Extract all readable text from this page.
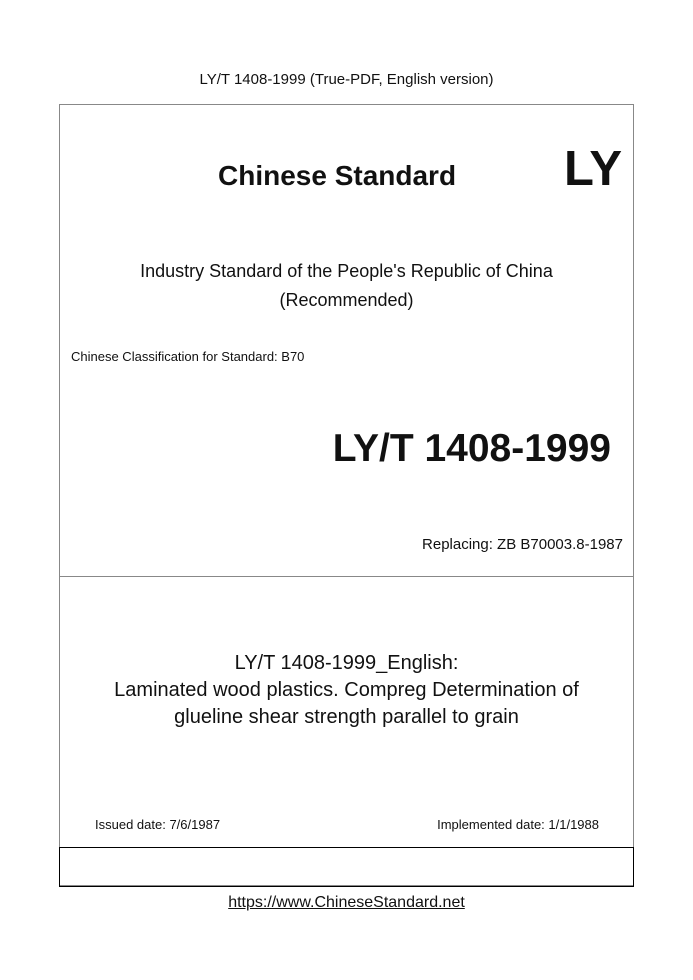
LY/T 1408-1999 (True-PDF, English version)
Chinese Standard LY
Industry Standard of the People's Republic of China
(Recommended)
Chinese Classification for Standard: B70
LY/T 1408-1999
Replacing: ZB B70003.8-1987
LY/T 1408-1999_English:
Laminated wood plastics. Compreg Determination of
glueline shear strength parallel to grain
Issued date: 7/6/1987	Implemented date: 1/1/1988
https://www.ChineseStandard.net
